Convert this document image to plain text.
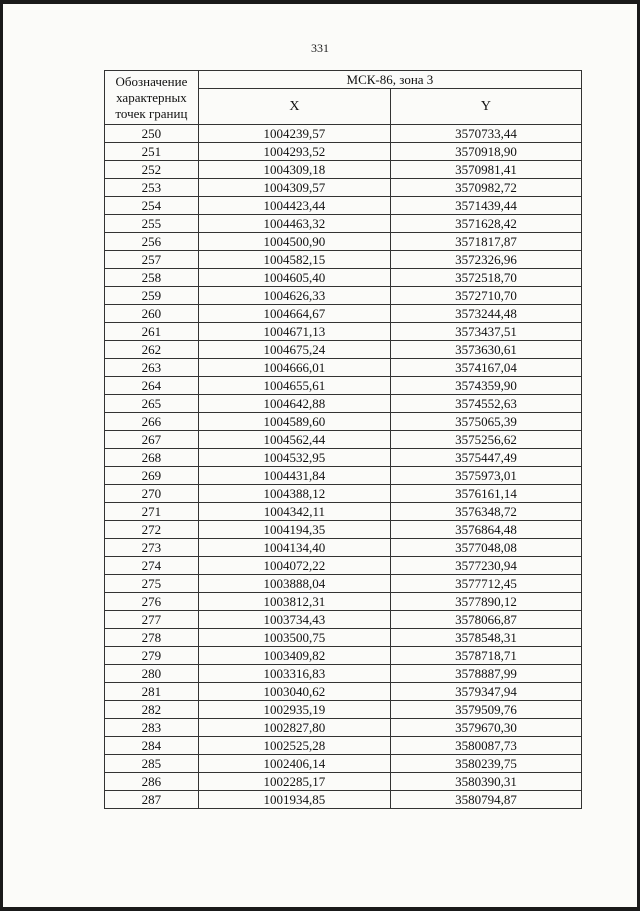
331
Обозначение характерных точек границ	МСК-86, зона 3	
	X	Y
250	1004239,57	3570733,44
251	1004293,52	3570918,90
252	1004309,18	3570981,41
253	1004309,57	3570982,72
254	1004423,44	3571439,44
255	1004463,32	3571628,42
256	1004500,90	3571817,87
257	1004582,15	3572326,96
258	1004605,40	3572518,70
259	1004626,33	3572710,70
260	1004664,67	3573244,48
261	1004671,13	3573437,51
262	1004675,24	3573630,61
263	1004666,01	3574167,04
264	1004655,61	3574359,90
265	1004642,88	3574552,63
266	1004589,60	3575065,39
267	1004562,44	3575256,62
268	1004532,95	3575447,49
269	1004431,84	3575973,01
270	1004388,12	3576161,14
271	1004342,11	3576348,72
272	1004194,35	3576864,48
273	1004134,40	3577048,08
274	1004072,22	3577230,94
275	1003888,04	3577712,45
276	1003812,31	3577890,12
277	1003734,43	3578066,87
278	1003500,75	3578548,31
279	1003409,82	3578718,71
280	1003316,83	3578887,99
281	1003040,62	3579347,94
282	1002935,19	3579509,76
283	1002827,80	3579670,30
284	1002525,28	3580087,73
285	1002406,14	3580239,75
286	1002285,17	3580390,31
287	1001934,85	3580794,87
